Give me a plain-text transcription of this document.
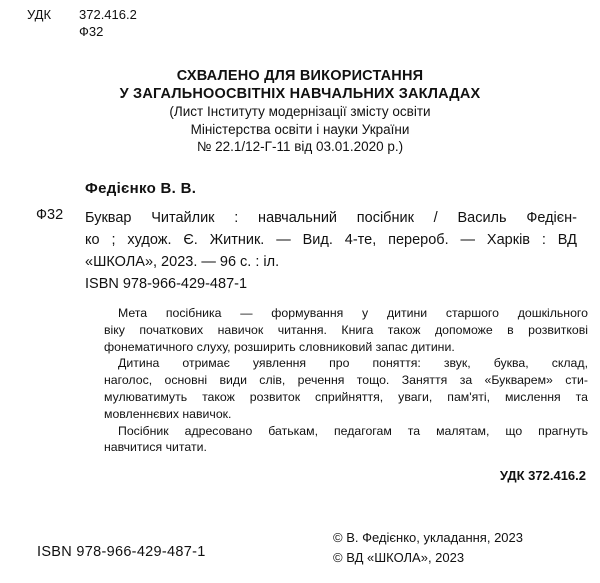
УДК	372.416.2
Ф32
СХВАЛЕНО ДЛЯ ВИКОРИСТАННЯ
У ЗАГАЛЬНООСВІТНІХ НАВЧАЛЬНИХ ЗАКЛАДАХ
(Лист Інституту модернізації змісту освіти
Міністерства освіти і науки України
№ 22.1/12-Г-11 від 03.01.2020 р.)
Федієнко В. В.
Ф32 Буквар Читайлик : навчальний посібник / Василь Федієн-
ко ; худож. Є. Житник. — Вид. 4-те, перероб. — Харків : ВД
«ШКОЛА», 2023. — 96 с. : іл.
ISBN 978-966-429-487-1
Мета посібника — формування у дитини старшого дошкільного
віку початкових навичок читання. Книга також допоможе в розвиткові
фонематичного слуху, розширить словниковий запас дитини.
Дитина отримає уявлення про поняття: звук, буква, склад,
наголос, основні види слів, речення тощо. Заняття за «Букварем» сти-
мулюватимуть також розвиток сприйняття, уваги, пам'яті, мислення та
мовленнєвих навичок.
Посібник адресовано батькам, педагогам та малятам, що прагнуть
навчитися читати.
УДК 372.416.2
ISBN 978-966-429-487-1
© В. Федієнко, укладання, 2023
© ВД «ШКОЛА», 2023
